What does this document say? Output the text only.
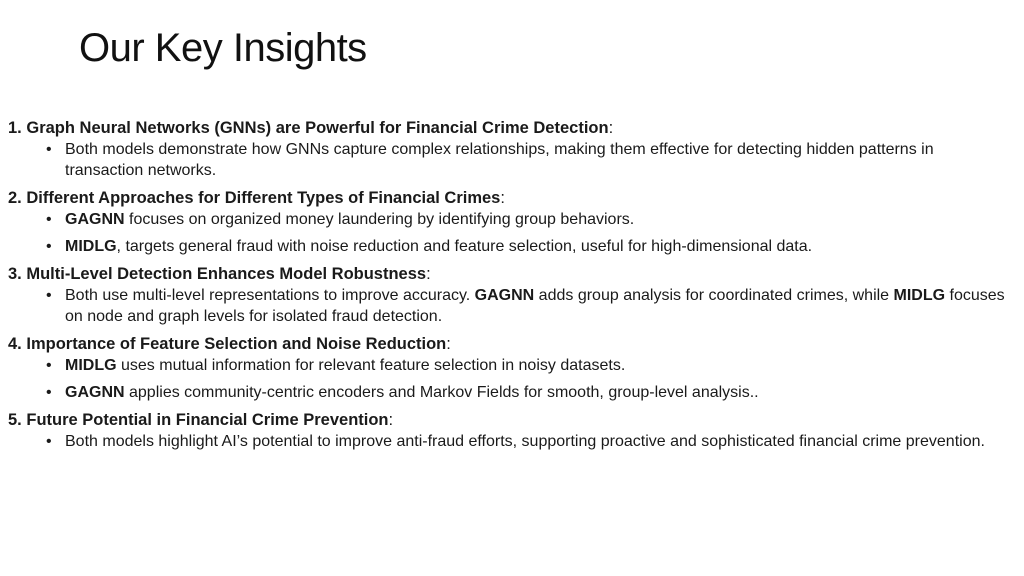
Our Key Insights
1. Graph Neural Networks (GNNs) are Powerful for Financial Crime Detection:
• Both models demonstrate how GNNs capture complex relationships, making them effective for detecting hidden patterns in transaction networks.
2. Different Approaches for Different Types of Financial Crimes:
• GAGNN focuses on organized money laundering by identifying group behaviors.
• MIDLG, targets general fraud with noise reduction and feature selection, useful for high-dimensional data.
3. Multi-Level Detection Enhances Model Robustness:
• Both use multi-level representations to improve accuracy. GAGNN adds group analysis for coordinated crimes, while MIDLG focuses on node and graph levels for isolated fraud detection.
4. Importance of Feature Selection and Noise Reduction:
• MIDLG uses mutual information for relevant feature selection in noisy datasets.
• GAGNN applies community-centric encoders and Markov Fields for smooth, group-level analysis..
5. Future Potential in Financial Crime Prevention:
• Both models highlight AI’s potential to improve anti-fraud efforts, supporting proactive and sophisticated financial crime prevention.
